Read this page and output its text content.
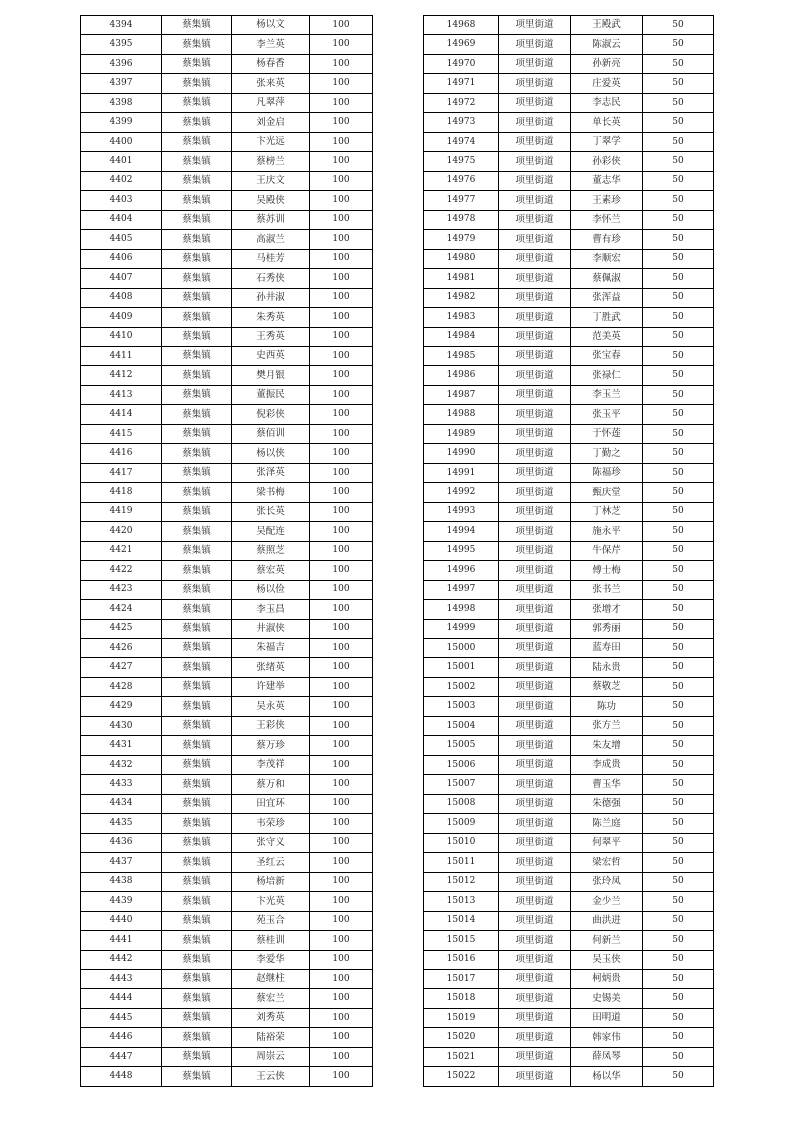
4394	蔡集镇	杨以文	100
4395	蔡集镇	李兰英	100
4396	蔡集镇	杨春香	100
4397	蔡集镇	张来英	100
4398	蔡集镇	凡翠萍	100
4399	蔡集镇	刘金启	100
4400	蔡集镇	卞光远	100
4401	蔡集镇	蔡榜兰	100
4402	蔡集镇	王庆文	100
4403	蔡集镇	吴殿侠	100
4404	蔡集镇	蔡苏训	100
4405	蔡集镇	高淑兰	100
4406	蔡集镇	马桂芳	100
4407	蔡集镇	石秀侠	100
4408	蔡集镇	孙井淑	100
4409	蔡集镇	朱秀英	100
4410	蔡集镇	王秀英	100
4411	蔡集镇	史西英	100
4412	蔡集镇	樊月银	100
4413	蔡集镇	董振民	100
4414	蔡集镇	倪彩侠	100
4415	蔡集镇	蔡佰训	100
4416	蔡集镇	杨以侠	100
4417	蔡集镇	张泽英	100
4418	蔡集镇	梁书梅	100
4419	蔡集镇	张长英	100
4420	蔡集镇	吴配连	100
4421	蔡集镇	蔡照芝	100
4422	蔡集镇	蔡宏英	100
4423	蔡集镇	杨以俭	100
4424	蔡集镇	李玉昌	100
4425	蔡集镇	井淑侠	100
4426	蔡集镇	朱福吉	100
4427	蔡集镇	张绪英	100
4428	蔡集镇	许建举	100
4429	蔡集镇	吴永英	100
4430	蔡集镇	王彩侠	100
4431	蔡集镇	蔡万珍	100
4432	蔡集镇	李茂祥	100
4433	蔡集镇	蔡万和	100
4434	蔡集镇	田宜环	100
4435	蔡集镇	韦荣珍	100
4436	蔡集镇	张守义	100
4437	蔡集镇	圣红云	100
4438	蔡集镇	杨培新	100
4439	蔡集镇	卞光英	100
4440	蔡集镇	苑玉合	100
4441	蔡集镇	蔡桂训	100
4442	蔡集镇	李爱华	100
4443	蔡集镇	赵继柱	100
4444	蔡集镇	蔡宏兰	100
4445	蔡集镇	刘秀英	100
4446	蔡集镇	陆裕荣	100
4447	蔡集镇	周崇云	100
4448	蔡集镇	王云侠	100
14968	项里街道	王殿武	50
14969	项里街道	陈淑云	50
14970	项里街道	孙新亮	50
14971	项里街道	庄爱英	50
14972	项里街道	李志民	50
14973	项里街道	单长英	50
14974	项里街道	丁翠学	50
14975	项里街道	孙彩侠	50
14976	项里街道	董志华	50
14977	项里街道	王素珍	50
14978	项里街道	李怀兰	50
14979	项里街道	曹有珍	50
14980	项里街道	李顺宏	50
14981	项里街道	蔡佩淑	50
14982	项里街道	张浑益	50
14983	项里街道	丁胜武	50
14984	项里街道	范美英	50
14985	项里街道	张宝春	50
14986	项里街道	张禄仁	50
14987	项里街道	李玉兰	50
14988	项里街道	张玉平	50
14989	项里街道	于怀莲	50
14990	项里街道	丁勤之	50
14991	项里街道	陈福珍	50
14992	项里街道	甄庆堂	50
14993	项里街道	丁林芝	50
14994	项里街道	施永平	50
14995	项里街道	牛保芹	50
14996	项里街道	傅士梅	50
14997	项里街道	张书兰	50
14998	项里街道	张增才	50
14999	项里街道	郭秀丽	50
15000	项里街道	蓝寿田	50
15001	项里街道	陆永贵	50
15002	项里街道	蔡敬芝	50
15003	项里街道	陈功	50
15004	项里街道	张方兰	50
15005	项里街道	朱友增	50
15006	项里街道	李成贵	50
15007	项里街道	曹玉华	50
15008	项里街道	朱德强	50
15009	项里街道	陈兰庭	50
15010	项里街道	何翠平	50
15011	项里街道	梁宏哲	50
15012	项里街道	张玲凤	50
15013	项里街道	金少兰	50
15014	项里街道	曲洪进	50
15015	项里街道	何新兰	50
15016	项里街道	吴玉侠	50
15017	项里街道	柯炳贵	50
15018	项里街道	史锡美	50
15019	项里街道	田明道	50
15020	项里街道	韩家伟	50
15021	项里街道	薛凤琴	50
15022	项里街道	杨以华	50
